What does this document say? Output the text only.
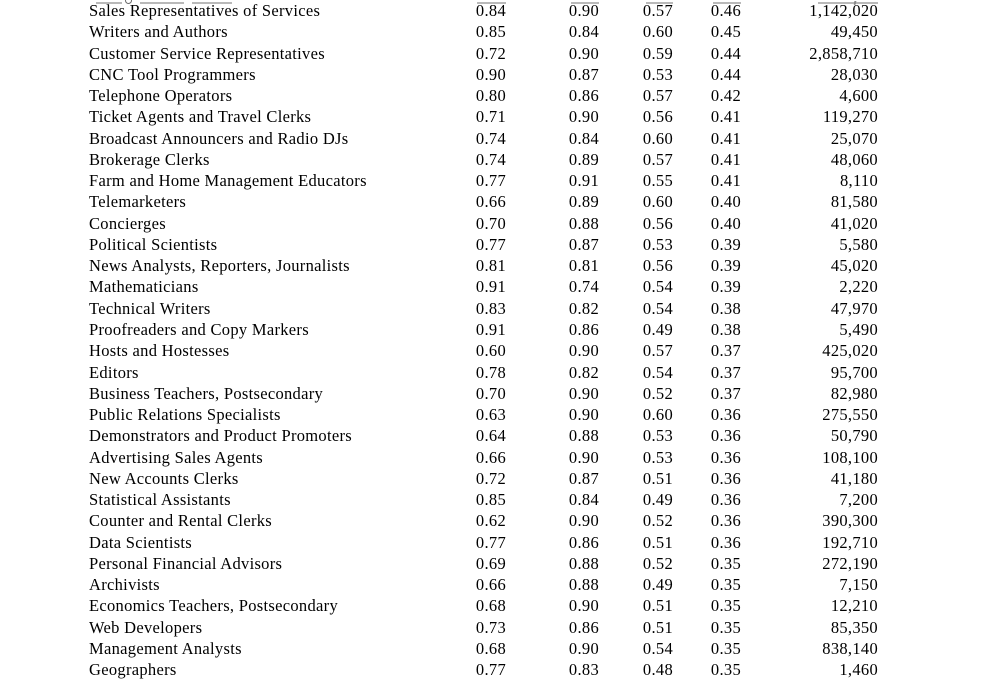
Sales Representatives of Services	0.84	0.90	0.57	0.46	1,142,020
Writers and Authors	0.85	0.84	0.60	0.45	49,450
Customer Service Representatives	0.72	0.90	0.59	0.44	2,858,710
CNC Tool Programmers	0.90	0.87	0.53	0.44	28,030
Telephone Operators	0.80	0.86	0.57	0.42	4,600
Ticket Agents and Travel Clerks	0.71	0.90	0.56	0.41	119,270
Broadcast Announcers and Radio DJs	0.74	0.84	0.60	0.41	25,070
Brokerage Clerks	0.74	0.89	0.57	0.41	48,060
Farm and Home Management Educators	0.77	0.91	0.55	0.41	8,110
Telemarketers	0.66	0.89	0.60	0.40	81,580
Concierges	0.70	0.88	0.56	0.40	41,020
Political Scientists	0.77	0.87	0.53	0.39	5,580
News Analysts, Reporters, Journalists	0.81	0.81	0.56	0.39	45,020
Mathematicians	0.91	0.74	0.54	0.39	2,220
Technical Writers	0.83	0.82	0.54	0.38	47,970
Proofreaders and Copy Markers	0.91	0.86	0.49	0.38	5,490
Hosts and Hostesses	0.60	0.90	0.57	0.37	425,020
Editors	0.78	0.82	0.54	0.37	95,700
Business Teachers, Postsecondary	0.70	0.90	0.52	0.37	82,980
Public Relations Specialists	0.63	0.90	0.60	0.36	275,550
Demonstrators and Product Promoters	0.64	0.88	0.53	0.36	50,790
Advertising Sales Agents	0.66	0.90	0.53	0.36	108,100
New Accounts Clerks	0.72	0.87	0.51	0.36	41,180
Statistical Assistants	0.85	0.84	0.49	0.36	7,200
Counter and Rental Clerks	0.62	0.90	0.52	0.36	390,300
Data Scientists	0.77	0.86	0.51	0.36	192,710
Personal Financial Advisors	0.69	0.88	0.52	0.35	272,190
Archivists	0.66	0.88	0.49	0.35	7,150
Economics Teachers, Postsecondary	0.68	0.90	0.51	0.35	12,210
Web Developers	0.73	0.86	0.51	0.35	85,350
Management Analysts	0.68	0.90	0.54	0.35	838,140
Geographers	0.77	0.83	0.48	0.35	1,460
